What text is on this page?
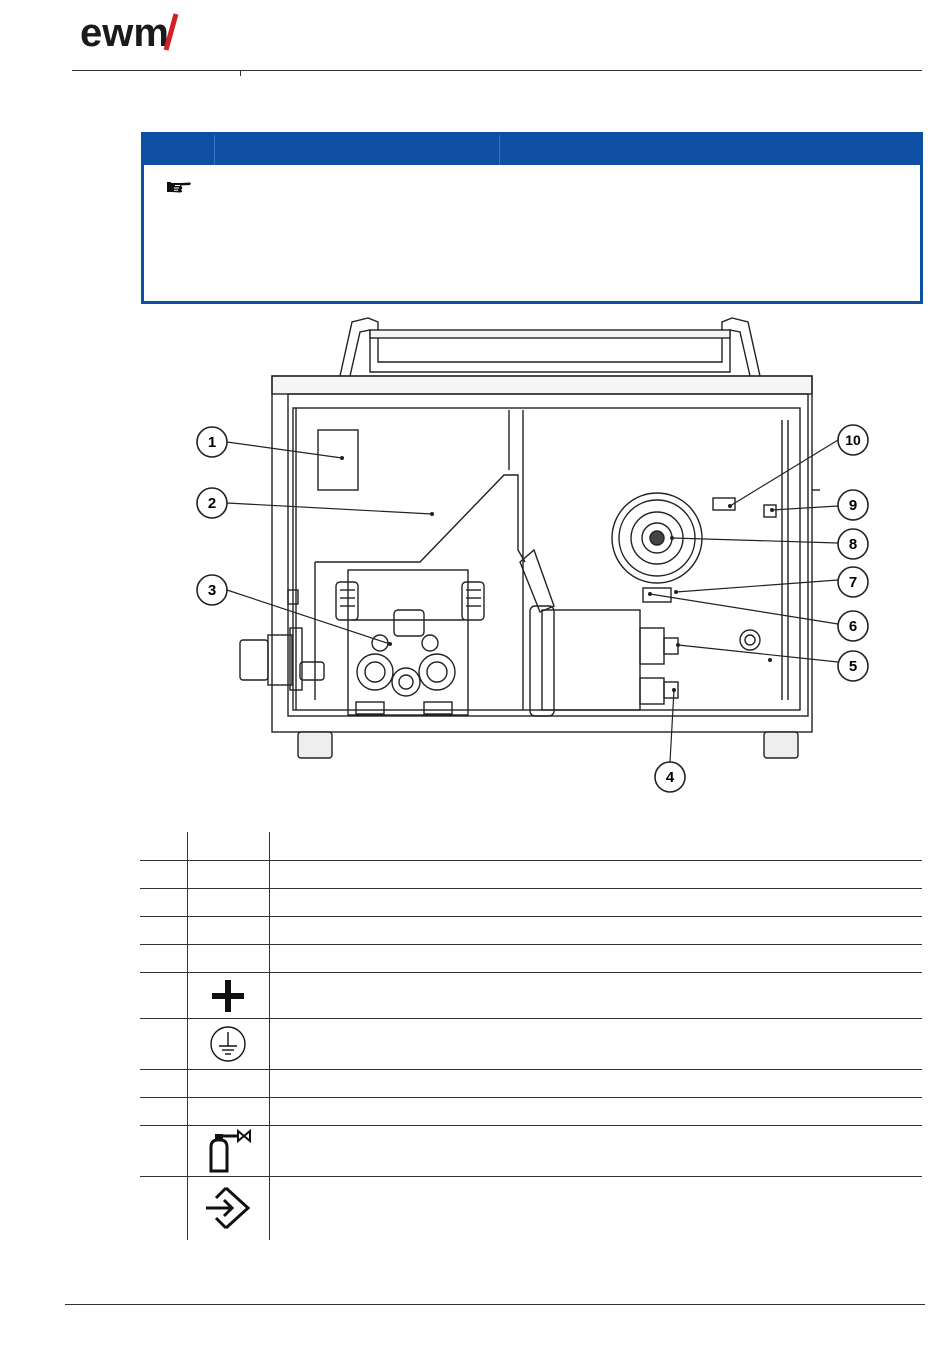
ewm
1
2
3
4
5
6
7
8
9
10
